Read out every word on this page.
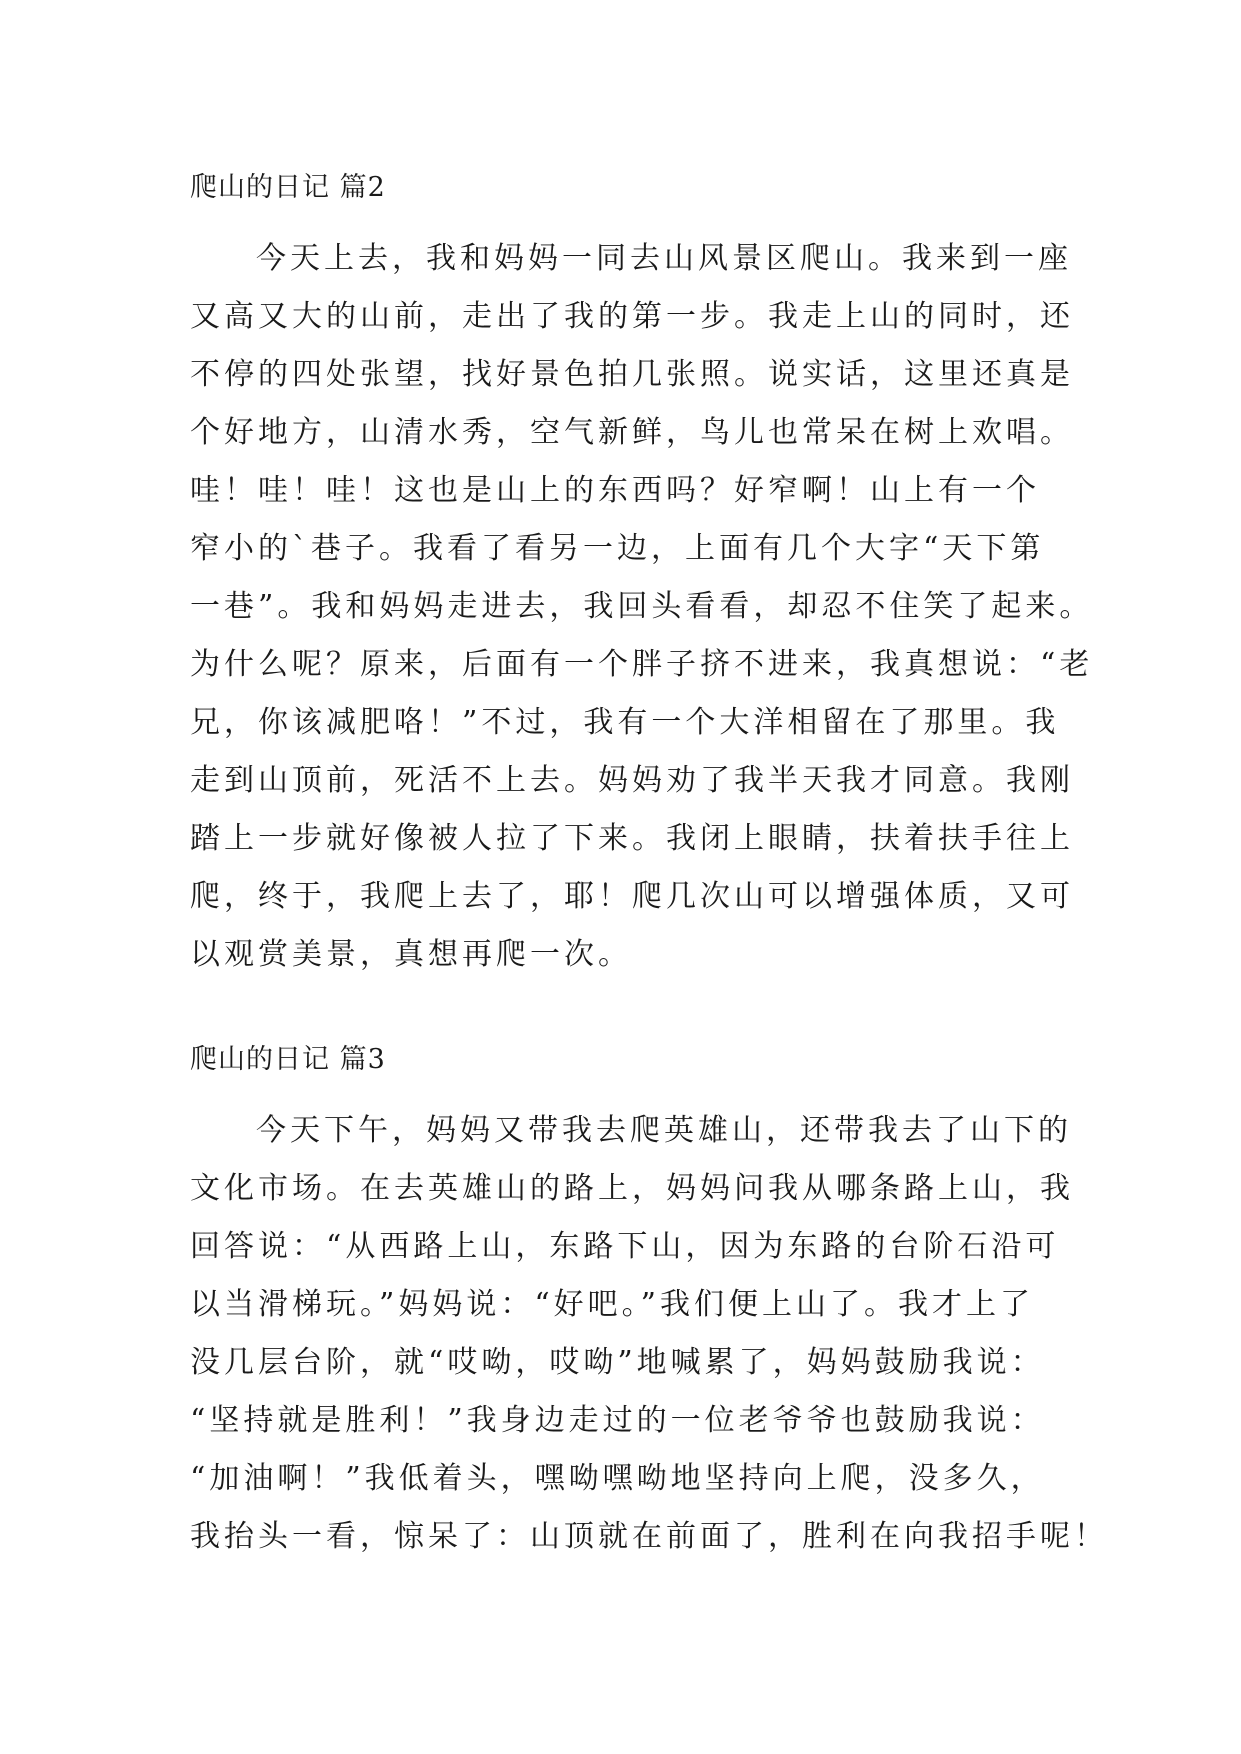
爬山的日记 篇2
今天上去，我和妈妈一同去山风景区爬山。我来到一座
又高又大的山前，走出了我的第一步。我走上山的同时，还
不停的四处张望，找好景色拍几张照。说实话，这里还真是
个好地方，山清水秀，空气新鲜，鸟儿也常呆在树上欢唱。
哇！哇！哇！这也是山上的东西吗？好窄啊！山上有一个
窄小的`巷子。我看了看另一边，上面有几个大字“天下第
一巷”。我和妈妈走进去，我回头看看，却忍不住笑了起来。
为什么呢？原来，后面有一个胖子挤不进来，我真想说：“老
兄，你该减肥咯！”不过，我有一个大洋相留在了那里。我
走到山顶前，死活不上去。妈妈劝了我半天我才同意。我刚
踏上一步就好像被人拉了下来。我闭上眼睛，扶着扶手往上
爬，终于，我爬上去了，耶！爬几次山可以增强体质，又可
以观赏美景，真想再爬一次。
爬山的日记 篇3
今天下午，妈妈又带我去爬英雄山，还带我去了山下的
文化市场。在去英雄山的路上，妈妈问我从哪条路上山，我
回答说：“从西路上山，东路下山，因为东路的台阶石沿可
以当滑梯玩。”妈妈说：“好吧。”我们便上山了。我才上了
没几层台阶，就“哎呦，哎呦”地喊累了，妈妈鼓励我说：
“坚持就是胜利！”我身边走过的一位老爷爷也鼓励我说：
“加油啊！”我低着头，嘿呦嘿呦地坚持向上爬，没多久，
我抬头一看，惊呆了：山顶就在前面了，胜利在向我招手呢！
